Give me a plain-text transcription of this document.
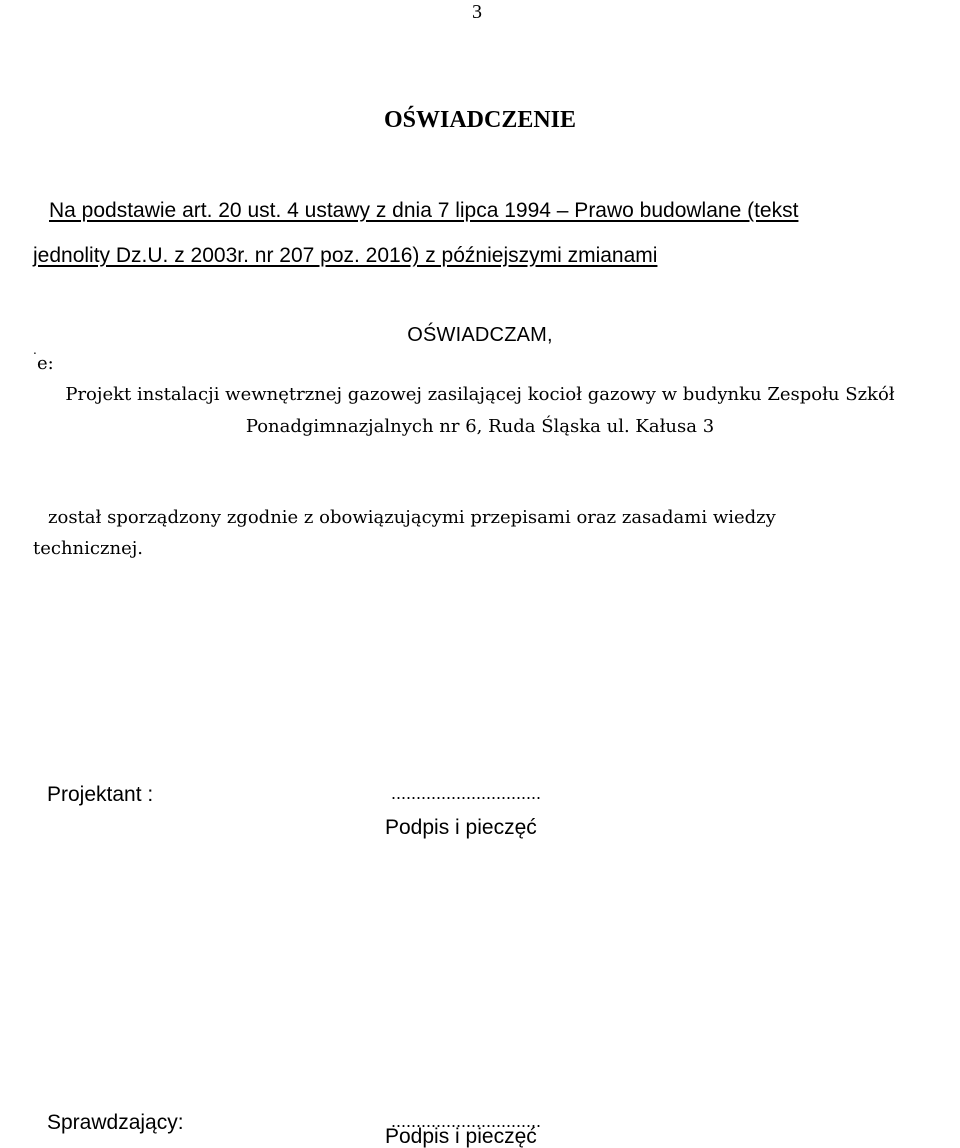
3
OŚWIADCZENIE
Na podstawie art. 20 ust. 4 ustawy z dnia 7 lipca 1994 – Prawo budowlane (tekst
jednolity Dz.U. z 2003r. nr 207 poz. 2016) z późniejszymi zmianami
OŚWIADCZAM,
.
e:
Projekt instalacji wewnętrznej gazowej zasilającej kocioł gazowy w budynku Zespołu Szkół
Ponadgimnazjalnych nr 6, Ruda Śląska ul. Kałusa 3
został sporządzony zgodnie z obowiązującymi przepisami oraz zasadami wiedzy
technicznej.
Projektant :	..............................
Podpis i pieczęć
Sprawdzający:	..............................
Podpis i pieczęć
